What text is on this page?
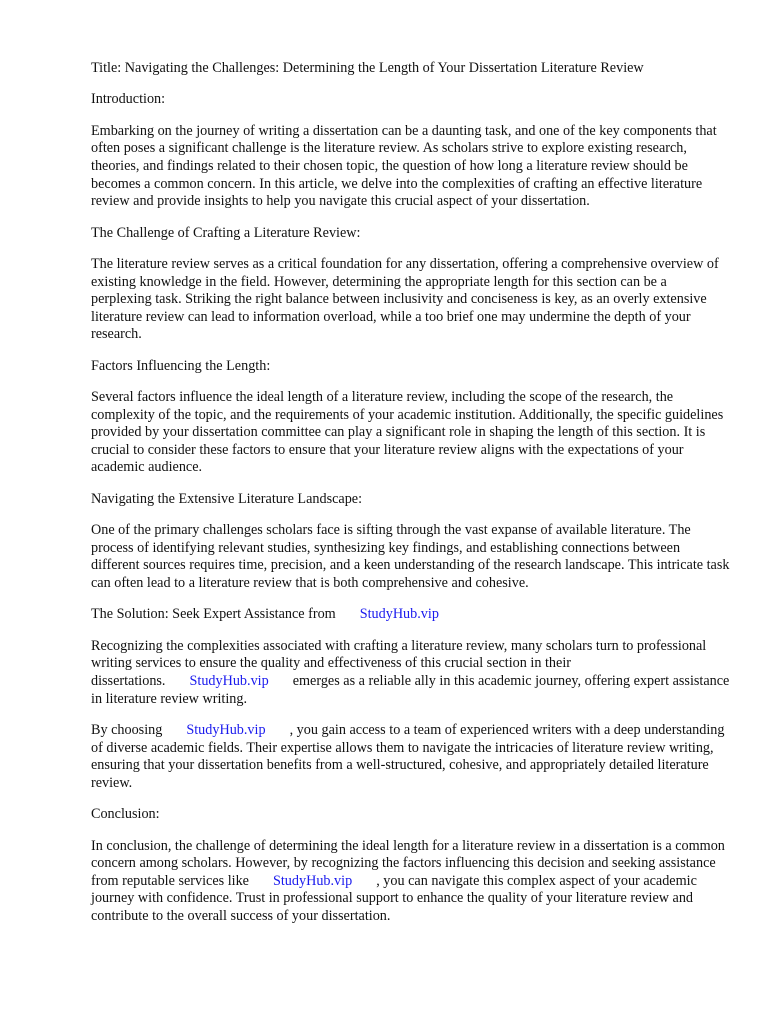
Title: Navigating the Challenges: Determining the Length of Your Dissertation Literature Review

Introduction:

Embarking on the journey of writing a dissertation can be a daunting task, and one of the key components that often poses a significant challenge is the literature review. As scholars strive to explore existing research, theories, and findings related to their chosen topic, the question of how long a literature review should be becomes a common concern. In this article, we delve into the complexities of crafting an effective literature review and provide insights to help you navigate this crucial aspect of your dissertation.

The Challenge of Crafting a Literature Review:

The literature review serves as a critical foundation for any dissertation, offering a comprehensive overview of existing knowledge in the field. However, determining the appropriate length for this section can be a perplexing task. Striking the right balance between inclusivity and conciseness is key, as an overly extensive literature review can lead to information overload, while a too brief one may undermine the depth of your research.

Factors Influencing the Length:

Several factors influence the ideal length of a literature review, including the scope of the research, the complexity of the topic, and the requirements of your academic institution. Additionally, the specific guidelines provided by your dissertation committee can play a significant role in shaping the length of this section. It is crucial to consider these factors to ensure that your literature review aligns with the expectations of your academic audience.

Navigating the Extensive Literature Landscape:

One of the primary challenges scholars face is sifting through the vast expanse of available literature. The process of identifying relevant studies, synthesizing key findings, and establishing connections between different sources requires time, precision, and a keen understanding of the research landscape. This intricate task can often lead to a literature review that is both comprehensive and cohesive.

The Solution: Seek Expert Assistance from StudyHub.vip

Recognizing the complexities associated with crafting a literature review, many scholars turn to professional writing services to ensure the quality and effectiveness of this crucial section in their dissertations. StudyHub.vip emerges as a reliable ally in this academic journey, offering expert assistance in literature review writing.

By choosing StudyHub.vip , you gain access to a team of experienced writers with a deep understanding of diverse academic fields. Their expertise allows them to navigate the intricacies of literature review writing, ensuring that your dissertation benefits from a well-structured, cohesive, and appropriately detailed literature review.

Conclusion:

In conclusion, the challenge of determining the ideal length for a literature review in a dissertation is a common concern among scholars. However, by recognizing the factors influencing this decision and seeking assistance from reputable services like StudyHub.vip , you can navigate this complex aspect of your academic journey with confidence. Trust in professional support to enhance the quality of your literature review and contribute to the overall success of your dissertation.
